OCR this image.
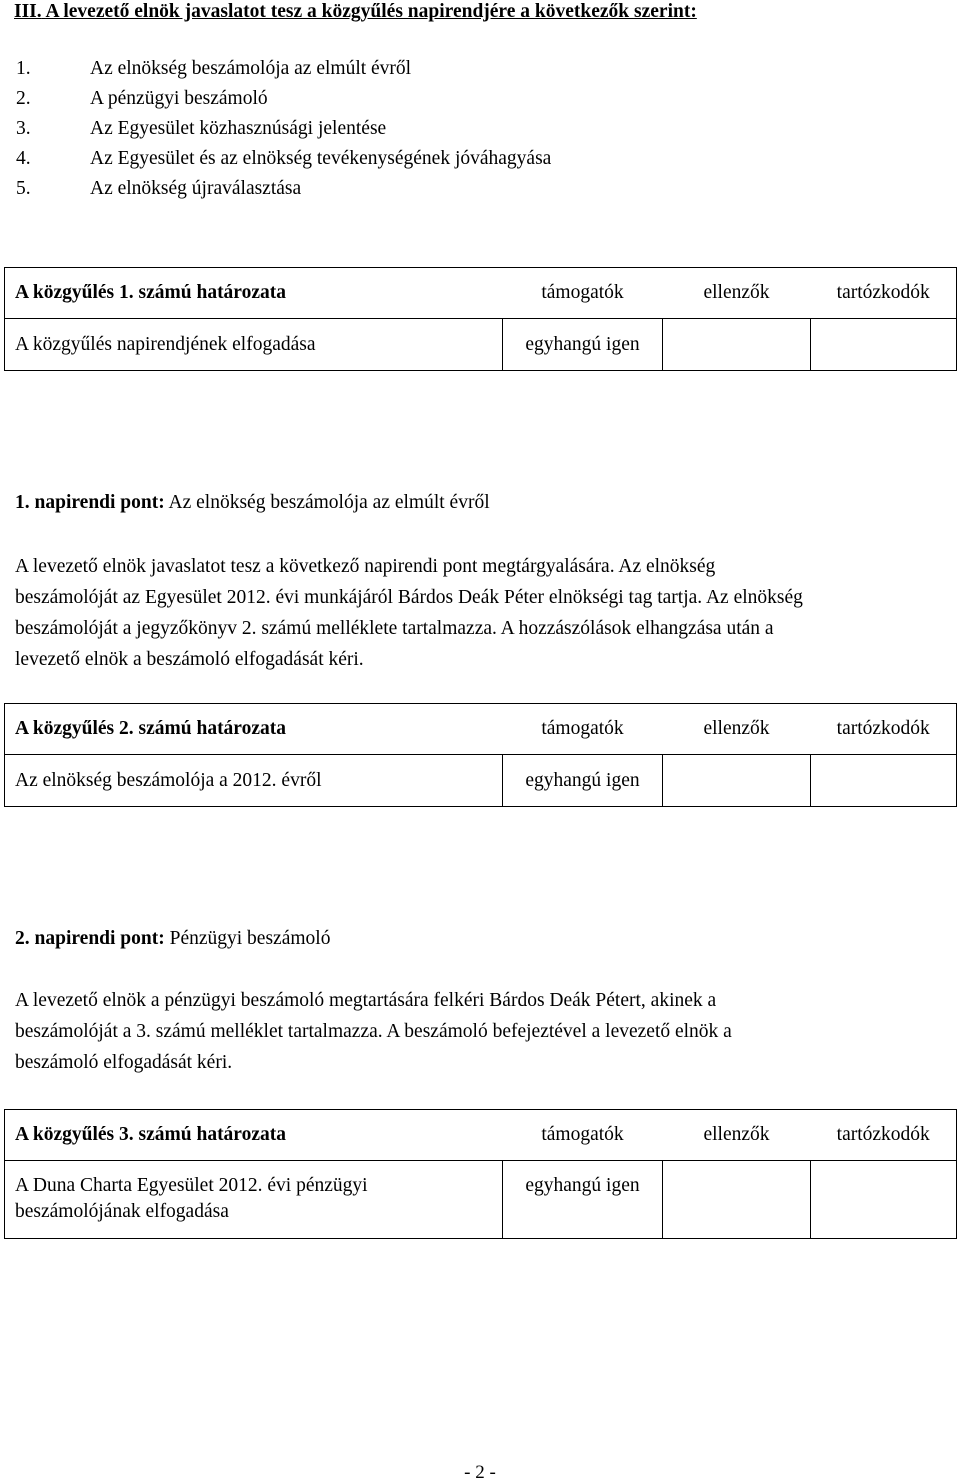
III. A levezető elnök javaslatot tesz a közgyűlés napirendjére a következők szerint:
1.	Az elnökség beszámolója az elmúlt évről
2.	A pénzügyi beszámoló
3.	Az Egyesület közhasznúsági jelentése
4.	Az Egyesület és az elnökség tevékenységének jóváhagyása
5.	Az elnökség újraválasztása
A közgyűlés 1. számú határozata	támogatók	ellenzők	tartózkodók
A közgyűlés napirendjének elfogadása	egyhangú igen		
1. napirendi pont: Az elnökség beszámolója az elmúlt évről

A levezető elnök javaslatot tesz a következő napirendi pont megtárgyalására. Az elnökség

beszámolóját az Egyesület 2012. évi munkájáról Bárdos Deák Péter elnökségi tag tartja. Az elnökség

beszámolóját a jegyzőkönyv 2. számú melléklete tartalmazza. A hozzászólások elhangzása után a

levezető elnök a beszámoló elfogadását kéri.

A közgyűlés 2. számú határozata	támogatók	ellenzők	tartózkodók
Az elnökség beszámolója a 2012. évről	egyhangú igen		
2. napirendi pont: Pénzügyi beszámoló

A levezető elnök a pénzügyi beszámoló megtartására felkéri Bárdos Deák Pétert, akinek a

beszámolóját a 3. számú melléklet tartalmazza. A beszámoló befejeztével a levezető elnök a

beszámoló elfogadását kéri.

A közgyűlés 3. számú határozata	támogatók	ellenzők	tartózkodók

A Duna Charta Egyesület 2012. évi pénzügyi
beszámolójának elfogadása	egyhangú igen		
- 2 -
